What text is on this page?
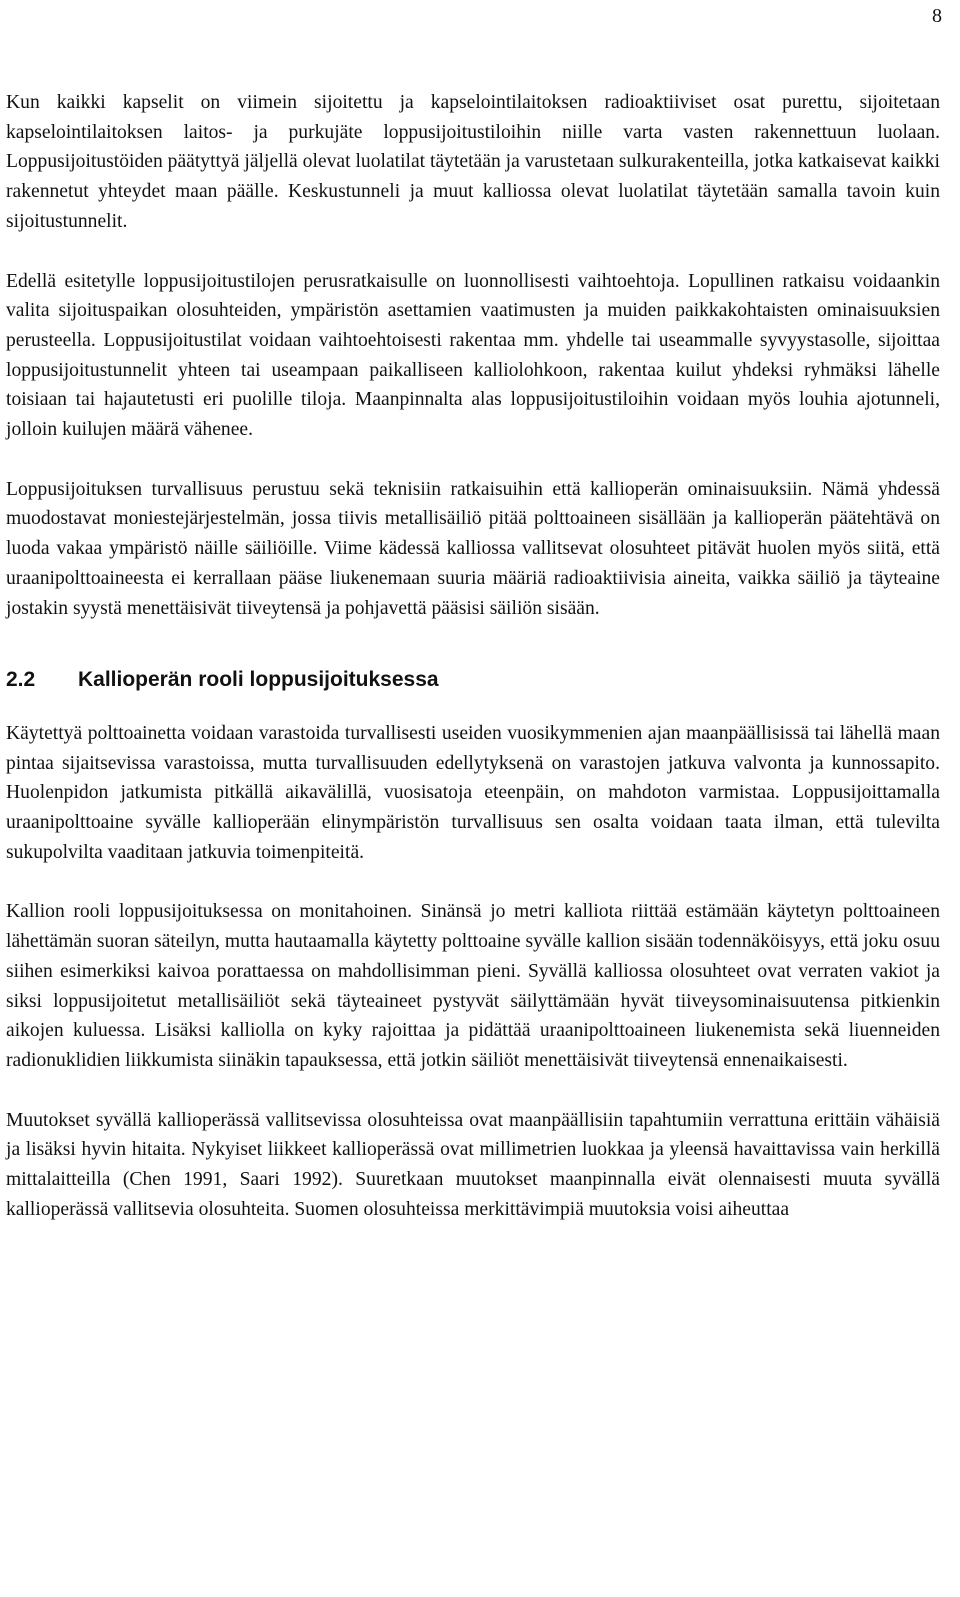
8

Kun kaikki kapselit on viimein sijoitettu ja kapselointilaitoksen radioaktiiviset osat purettu, sijoitetaan kapselointilaitoksen laitos- ja purkujäte loppusijoitustiloihin niille varta vasten rakennettuun luolaan. Loppusijoitustöiden päätyttyä jäljellä olevat luolatilat täytetään ja varustetaan sulkurakenteilla, jotka katkaisevat kaikki rakennetut yhteydet maan päälle. Keskustunneli ja muut kalliossa olevat luolatilat täytetään samalla tavoin kuin sijoitustunnelit.

Edellä esitetylle loppusijoitustilojen perusratkaisulle on luonnollisesti vaihtoehtoja. Lopullinen ratkaisu voidaankin valita sijoituspaikan olosuhteiden, ympäristön asettamien vaatimusten ja muiden paikkakohtaisten ominaisuuksien perusteella. Loppusijoitustilat voidaan vaihtoehtoisesti rakentaa mm. yhdelle tai useammalle syvyystasolle, sijoittaa loppusijoitustunnelit yhteen tai useampaan paikalliseen kalliolohkoon, rakentaa kuilut yhdeksi ryhmäksi lähelle toisiaan tai hajautetusti eri puolille tiloja. Maanpinnalta alas loppusijoitustiloihin voidaan myös louhia ajotunneli, jolloin kuilujen määrä vähenee.

Loppusijoituksen turvallisuus perustuu sekä teknisiin ratkaisuihin että kallioperän ominaisuuksiin. Nämä yhdessä muodostavat moniestejärjestelmän, jossa tiivis metallisäiliö pitää polttoaineen sisällään ja kallioperän päätehtävä on luoda vakaa ympäristö näille säiliöille. Viime kädessä kalliossa vallitsevat olosuhteet pitävät huolen myös siitä, että uraanipolttoaineesta ei kerrallaan pääse liukenemaan suuria määriä radioaktiivisia aineita, vaikka säiliö ja täyteaine jostakin syystä menettäisivät tiiveytensä ja pohjavettä pääsisi säiliön sisään.

2.2 Kallioperän rooli loppusijoituksessa

Käytettyä polttoainetta voidaan varastoida turvallisesti useiden vuosikymmenien ajan maanpäällisissä tai lähellä maan pintaa sijaitsevissa varastoissa, mutta turvallisuuden edellytyksenä on varastojen jatkuva valvonta ja kunnossapito. Huolenpidon jatkumista pitkällä aikavälillä, vuosisatoja eteenpäin, on mahdoton varmistaa. Loppusijoittamalla uraanipolttoaine syvälle kallioperään elinympäristön turvallisuus sen osalta voidaan taata ilman, että tulevilta sukupolvilta vaaditaan jatkuvia toimenpiteitä.

Kallion rooli loppusijoituksessa on monitahoinen. Sinänsä jo metri kalliota riittää estämään käytetyn polttoaineen lähettämän suoran säteilyn, mutta hautaamalla käytetty polttoaine syvälle kallion sisään todennäköisyys, että joku osuu siihen esimerkiksi kaivoa porattaessa on mahdollisimman pieni. Syvällä kalliossa olosuhteet ovat verraten vakiot ja siksi loppusijoitetut metallisäiliöt sekä täyteaineet pystyvät säilyttämään hyvät tiiveysominaisuutensa pitkienkin aikojen kuluessa. Lisäksi kalliolla on kyky rajoittaa ja pidättää uraanipolttoaineen liukenemista sekä liuenneiden radionuklidien liikkumista siinäkin tapauksessa, että jotkin säiliöt menettäisivät tiiveytensä ennenaikaisesti.

Muutokset syvällä kallioperässä vallitsevissa olosuhteissa ovat maanpäällisiin tapahtumiin verrattuna erittäin vähäisiä ja lisäksi hyvin hitaita. Nykyiset liikkeet kallioperässä ovat millimetrien luokkaa ja yleensä havaittavissa vain herkillä mittalaitteilla (Chen 1991, Saari 1992). Suuretkaan muutokset maanpinnalla eivät olennaisesti muuta syvällä kallioperässä vallitsevia olosuhteita. Suomen olosuhteissa merkittävimpiä muutoksia voisi aiheuttaa
